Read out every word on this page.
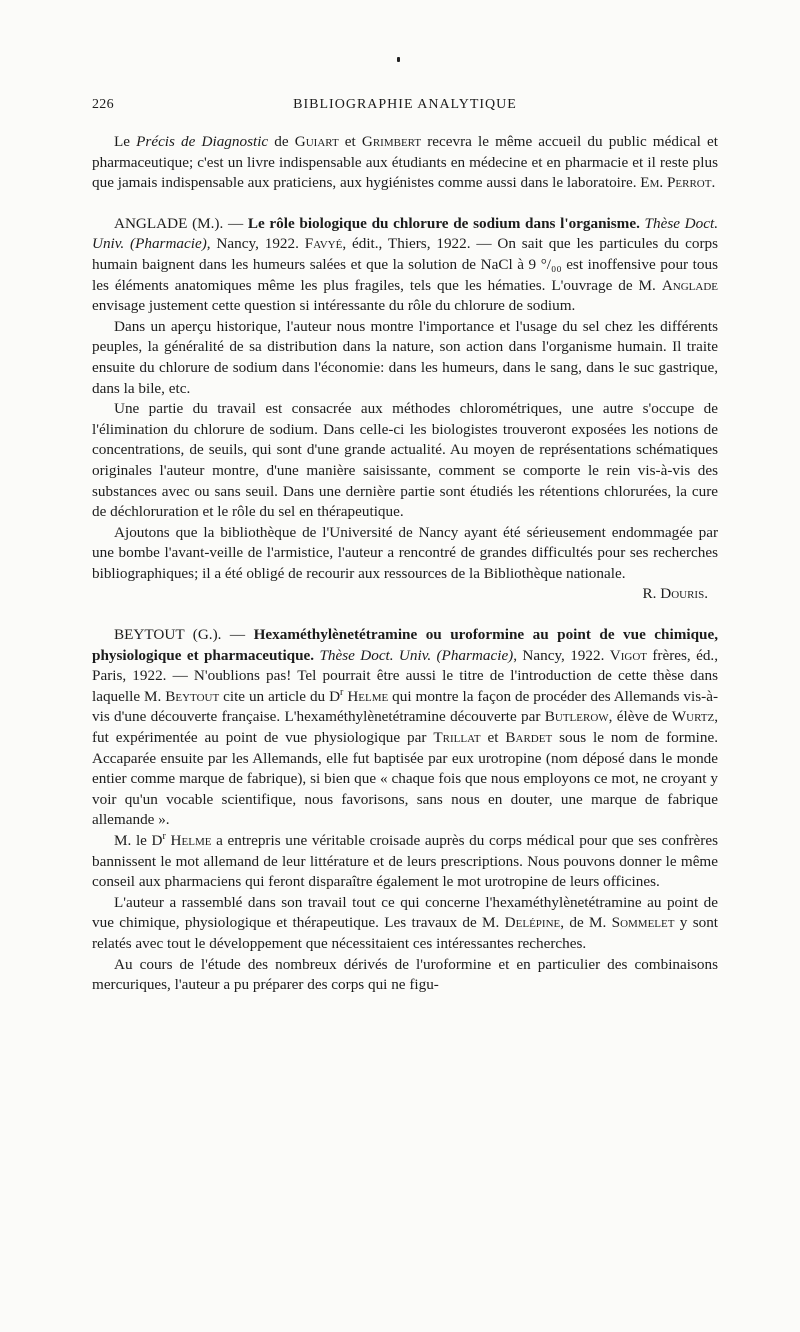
226	BIBLIOGRAPHIE ANALYTIQUE

Le Précis de Diagnostic de Guiart et Grimbert recevra le même accueil du public médical et pharmaceutique; c'est un livre indispensable aux étudiants en médecine et en pharmacie et il reste plus que jamais indispensable aux praticiens, aux hygiénistes comme aussi dans le laboratoire. Em. Perrot.

ANGLADE (M.). — Le rôle biologique du chlorure de sodium dans l'organisme. Thèse Doct. Univ. (Pharmacie), Nancy, 1922. Favyé, édit., Thiers, 1922. — On sait que les particules du corps humain baignent dans les humeurs salées et que la solution de NaCl à 9 °/₀₀ est inoffensive pour tous les éléments anatomiques même les plus fragiles, tels que les hématies. L'ouvrage de M. Anglade envisage justement cette question si intéressante du rôle du chlorure de sodium.

Dans un aperçu historique, l'auteur nous montre l'importance et l'usage du sel chez les différents peuples, la généralité de sa distribution dans la nature, son action dans l'organisme humain. Il traite ensuite du chlorure de sodium dans l'économie: dans les humeurs, dans le sang, dans le suc gastrique, dans la bile, etc.

Une partie du travail est consacrée aux méthodes chlorométriques, une autre s'occupe de l'élimination du chlorure de sodium. Dans celle-ci les biologistes trouveront exposées les notions de concentrations, de seuils, qui sont d'une grande actualité. Au moyen de représentations schématiques originales l'auteur montre, d'une manière saisissante, comment se comporte le rein vis-à-vis des substances avec ou sans seuil. Dans une dernière partie sont étudiés les rétentions chlorurées, la cure de déchloruration et le rôle du sel en thérapeutique.

Ajoutons que la bibliothèque de l'Université de Nancy ayant été sérieusement endommagée par une bombe l'avant-veille de l'armistice, l'auteur a rencontré de grandes difficultés pour ses recherches bibliographiques; il a été obligé de recourir aux ressources de la Bibliothèque nationale.

R. Douris.

BEYTOUT (G.). — Hexaméthylènetétramine ou uroformine au point de vue chimique, physiologique et pharmaceutique. Thèse Doct. Univ. (Pharmacie), Nancy, 1922. Vigot frères, éd., Paris, 1922. — N'oublions pas! Tel pourrait être aussi le titre de l'introduction de cette thèse dans laquelle M. Beytout cite un article du $D^r$ Helme qui montre la façon de procéder des Allemands vis-à-vis d'une découverte française. L'hexaméthylènetétramine découverte par Butlerow, élève de Wurtz, fut expérimentée au point de vue physiologique par Trillat et Bardet sous le nom de formine. Accaparée ensuite par les Allemands, elle fut baptisée par eux urotropine (nom déposé dans le monde entier comme marque de fabrique), si bien que « chaque fois que nous employons ce mot, ne croyant y voir qu'un vocable scientifique, nous favorisons, sans nous en douter, une marque de fabrique allemande ».

M. le $D^r$ Helme a entrepris une véritable croisade auprès du corps médical pour que ses confrères bannissent le mot allemand de leur littérature et de leurs prescriptions. Nous pouvons donner le même conseil aux pharmaciens qui feront disparaître également le mot urotropine de leurs officines.

L'auteur a rassemblé dans son travail tout ce qui concerne l'hexaméthylènetétramine au point de vue chimique, physiologique et thérapeutique. Les travaux de M. Delépine, de M. Sommelet y sont relatés avec tout le développement que nécessitaient ces intéressantes recherches.

Au cours de l'étude des nombreux dérivés de l'uroformine et en particulier des combinaisons mercuriques, l'auteur a pu préparer des corps qui ne figu-
